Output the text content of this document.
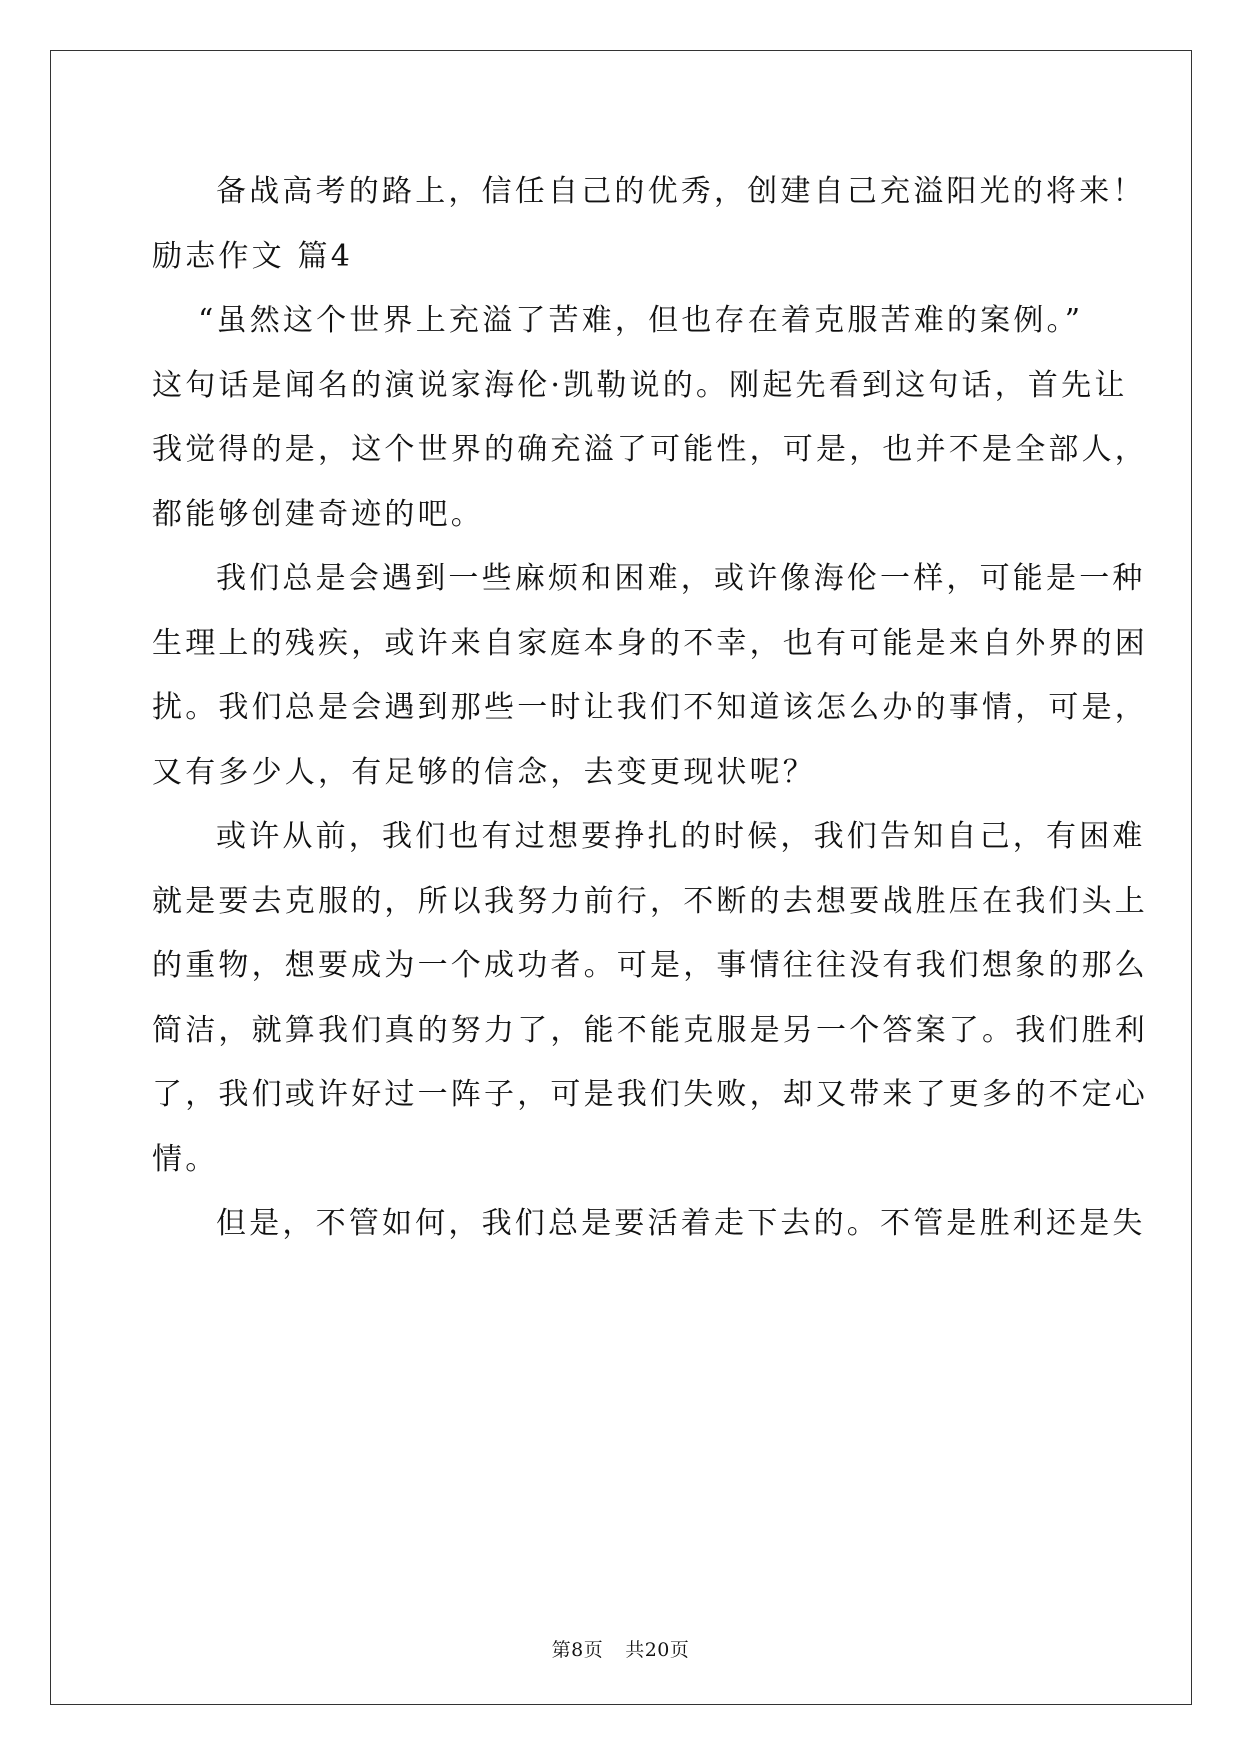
备战高考的路上，信任自己的优秀，创建自己充溢阳光的将来！
励志作文 篇4
“虽然这个世界上充溢了苦难，但也存在着克服苦难的案例。”
这句话是闻名的演说家海伦·凯勒说的。刚起先看到这句话，首先让
我觉得的是，这个世界的确充溢了可能性，可是，也并不是全部人，
都能够创建奇迹的吧。
我们总是会遇到一些麻烦和困难，或许像海伦一样，可能是一种
生理上的残疾，或许来自家庭本身的不幸，也有可能是来自外界的困
扰。我们总是会遇到那些一时让我们不知道该怎么办的事情，可是，
又有多少人，有足够的信念，去变更现状呢？
或许从前，我们也有过想要挣扎的时候，我们告知自己，有困难
就是要去克服的，所以我努力前行，不断的去想要战胜压在我们头上
的重物，想要成为一个成功者。可是，事情往往没有我们想象的那么
简洁，就算我们真的努力了，能不能克服是另一个答案了。我们胜利
了，我们或许好过一阵子，可是我们失败，却又带来了更多的不定心
情。
但是，不管如何，我们总是要活着走下去的。不管是胜利还是失
第8页 共20页
